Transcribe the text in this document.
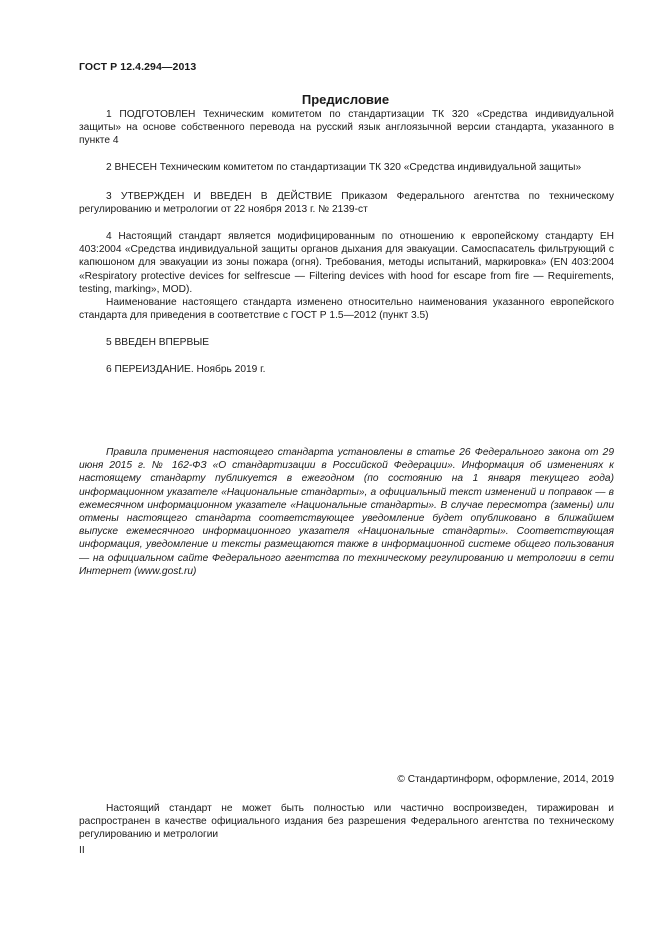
ГОСТ Р 12.4.294—2013
Предисловие

1 ПОДГОТОВЛЕН Техническим комитетом по стандартизации ТК 320 «Средства индивидуальной защиты» на основе собственного перевода на русский язык англоязычной версии стандарта, указанного в пункте 4

2 ВНЕСЕН Техническим комитетом по стандартизации ТК 320 «Средства индивидуальной защиты»

3 УТВЕРЖДЕН И ВВЕДЕН В ДЕЙСТВИЕ Приказом Федерального агентства по техническому регулированию и метрологии от 22 ноября 2013 г. № 2139-ст

4 Настоящий стандарт является модифицированным по отношению к европейскому стандарту ЕН 403:2004 «Средства индивидуальной защиты органов дыхания для эвакуации. Самоспасатель фильтрующий с капюшоном для эвакуации из зоны пожара (огня). Требования, методы испытаний, маркировка» (EN 403:2004 «Respiratory protective devices for selfrescue — Filtering devices with hood for escape from fire — Requirements, testing, marking», MOD).

Наименование настоящего стандарта изменено относительно наименования указанного европейского стандарта для приведения в соответствие с ГОСТ Р 1.5—2012 (пункт 3.5)

5 ВВЕДЕН ВПЕРВЫЕ

6 ПЕРЕИЗДАНИЕ. Ноябрь 2019 г.

Правила применения настоящего стандарта установлены в статье 26 Федерального закона от 29 июня 2015 г. № 162-ФЗ «О стандартизации в Российской Федерации». Информация об изменениях к настоящему стандарту публикуется в ежегодном (по состоянию на 1 января текущего года) информационном указателе «Национальные стандарты», а официальный текст изменений и поправок — в ежемесячном информационном указателе «Национальные стандарты». В случае пересмотра (замены) или отмены настоящего стандарта соответствующее уведомление будет опубликовано в ближайшем выпуске ежемесячного информационного указателя «Национальные стандарты». Соответствующая информация, уведомление и тексты размещаются также в информационной системе общего пользования — на официальном сайте Федерального агентства по техническому регулированию и метрологии в сети Интернет (www.gost.ru)

© Стандартинформ, оформление, 2014, 2019

Настоящий стандарт не может быть полностью или частично воспроизведен, тиражирован и распространен в качестве официального издания без разрешения Федерального агентства по техническому регулированию и метрологии

II
